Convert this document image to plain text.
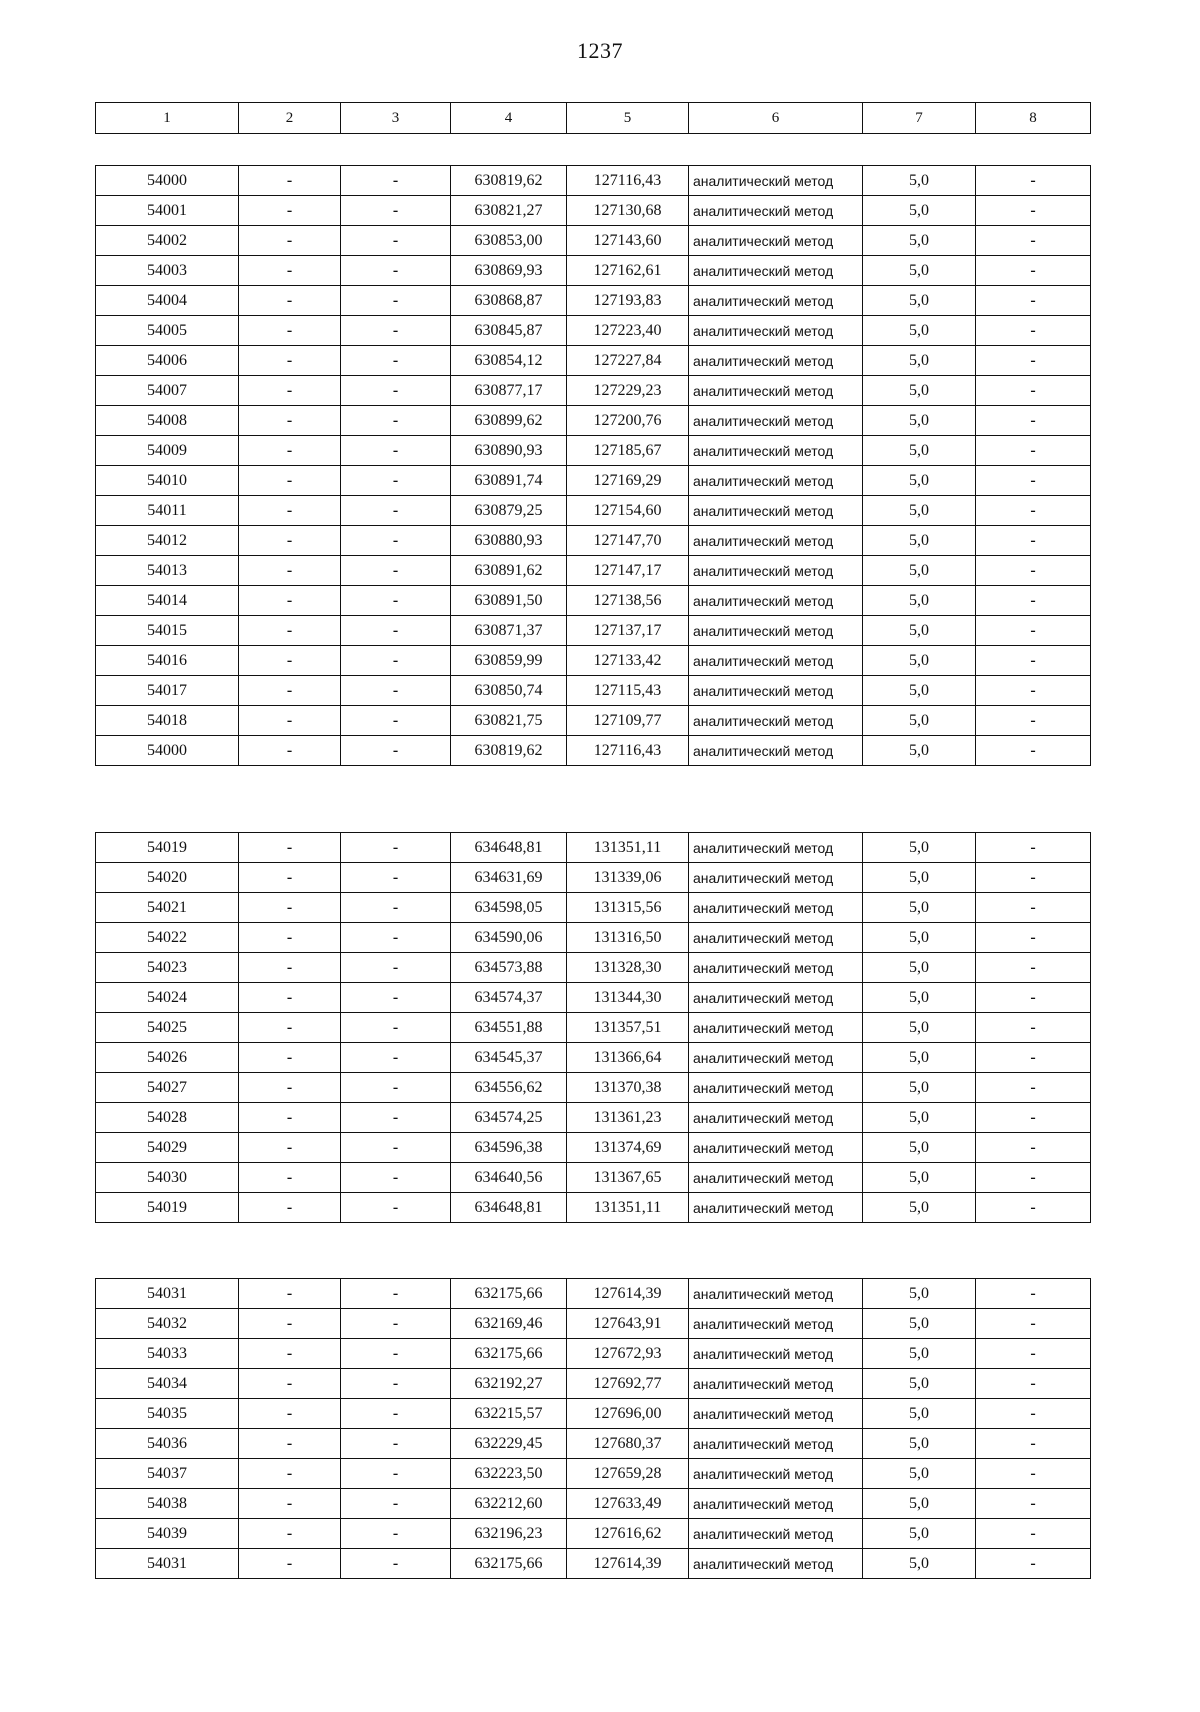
1237
1	2	3	4	5	6	7	8
54000	-	-	630819,62	127116,43	аналитический метод	5,0	-
54001	-	-	630821,27	127130,68	аналитический метод	5,0	-
54002	-	-	630853,00	127143,60	аналитический метод	5,0	-
54003	-	-	630869,93	127162,61	аналитический метод	5,0	-
54004	-	-	630868,87	127193,83	аналитический метод	5,0	-
54005	-	-	630845,87	127223,40	аналитический метод	5,0	-
54006	-	-	630854,12	127227,84	аналитический метод	5,0	-
54007	-	-	630877,17	127229,23	аналитический метод	5,0	-
54008	-	-	630899,62	127200,76	аналитический метод	5,0	-
54009	-	-	630890,93	127185,67	аналитический метод	5,0	-
54010	-	-	630891,74	127169,29	аналитический метод	5,0	-
54011	-	-	630879,25	127154,60	аналитический метод	5,0	-
54012	-	-	630880,93	127147,70	аналитический метод	5,0	-
54013	-	-	630891,62	127147,17	аналитический метод	5,0	-
54014	-	-	630891,50	127138,56	аналитический метод	5,0	-
54015	-	-	630871,37	127137,17	аналитический метод	5,0	-
54016	-	-	630859,99	127133,42	аналитический метод	5,0	-
54017	-	-	630850,74	127115,43	аналитический метод	5,0	-
54018	-	-	630821,75	127109,77	аналитический метод	5,0	-
54000	-	-	630819,62	127116,43	аналитический метод	5,0	-
54019	-	-	634648,81	131351,11	аналитический метод	5,0	-
54020	-	-	634631,69	131339,06	аналитический метод	5,0	-
54021	-	-	634598,05	131315,56	аналитический метод	5,0	-
54022	-	-	634590,06	131316,50	аналитический метод	5,0	-
54023	-	-	634573,88	131328,30	аналитический метод	5,0	-
54024	-	-	634574,37	131344,30	аналитический метод	5,0	-
54025	-	-	634551,88	131357,51	аналитический метод	5,0	-
54026	-	-	634545,37	131366,64	аналитический метод	5,0	-
54027	-	-	634556,62	131370,38	аналитический метод	5,0	-
54028	-	-	634574,25	131361,23	аналитический метод	5,0	-
54029	-	-	634596,38	131374,69	аналитический метод	5,0	-
54030	-	-	634640,56	131367,65	аналитический метод	5,0	-
54019	-	-	634648,81	131351,11	аналитический метод	5,0	-
54031	-	-	632175,66	127614,39	аналитический метод	5,0	-
54032	-	-	632169,46	127643,91	аналитический метод	5,0	-
54033	-	-	632175,66	127672,93	аналитический метод	5,0	-
54034	-	-	632192,27	127692,77	аналитический метод	5,0	-
54035	-	-	632215,57	127696,00	аналитический метод	5,0	-
54036	-	-	632229,45	127680,37	аналитический метод	5,0	-
54037	-	-	632223,50	127659,28	аналитический метод	5,0	-
54038	-	-	632212,60	127633,49	аналитический метод	5,0	-
54039	-	-	632196,23	127616,62	аналитический метод	5,0	-
54031	-	-	632175,66	127614,39	аналитический метод	5,0	-
